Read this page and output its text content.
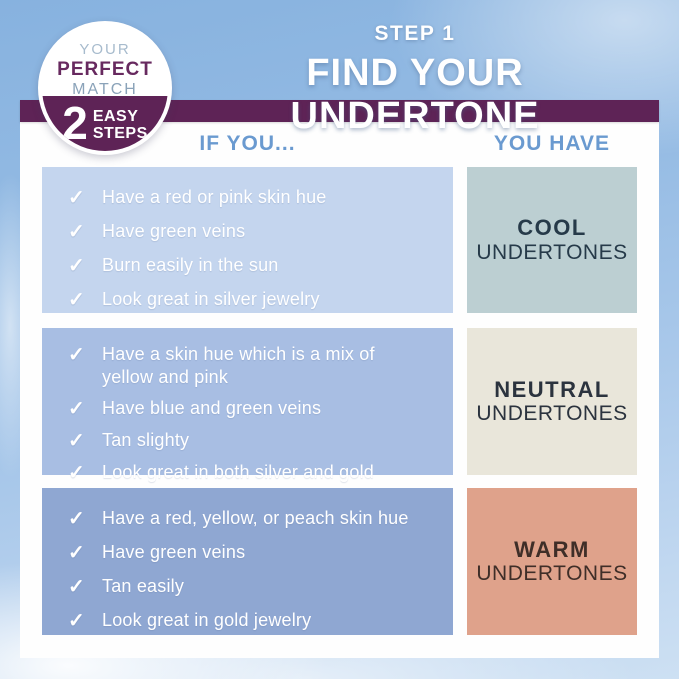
STEP 1
FIND YOUR UNDERTONE
YOUR
PERFECT
MATCH
2 EASY
STEPS	IF YOU...	YOU HAVE
✓ Have a red or pink skin hue
✓ Have green veins
✓ Burn easily in the sun
✓ Look great in silver jewelry
COOL
UNDERTONES
✓ Have a skin hue which is a mix of yellow and pink
✓ Have blue and green veins
✓ Tan slighty
✓ Look great in both silver and gold
NEUTRAL
UNDERTONES
✓ Have a red, yellow, or peach skin hue
✓ Have green veins
✓ Tan easily
✓ Look great in gold jewelry
WARM
UNDERTONES
